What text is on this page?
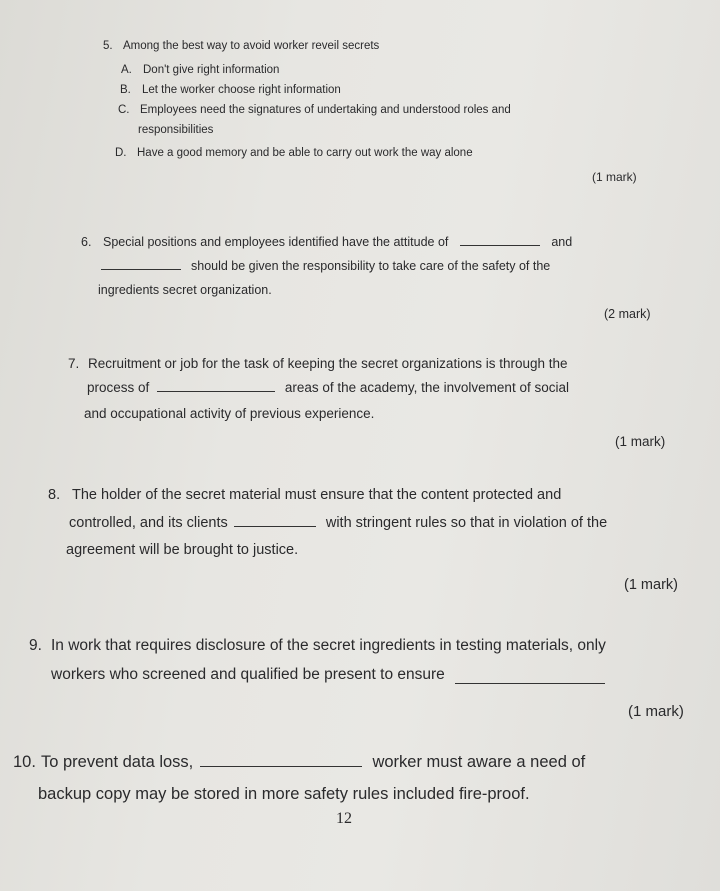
5. Among the best way to avoid worker reveil secrets
A. Don't give right information
B. Let the worker choose right information
C. Employees need the signatures of undertaking and understood roles and
responsibilities
D. Have a good memory and be able to carry out work the way alone
(1 mark)
6. Special positions and employees identified have the attitude of	and
should be given the responsibility to take care of the safety of the
ingredients secret organization.
(2 mark)
7. Recruitment or job for the task of keeping the secret organizations is through the
process of	areas of the academy, the involvement of social
and occupational activity of previous experience.
(1 mark)
8. The holder of the secret material must ensure that the content protected and
controlled, and its clients	with stringent rules so that in violation of the
agreement will be brought to justice.
(1 mark)
9. In work that requires disclosure of the secret ingredients in testing materials, only
workers who screened and qualified be present to ensure
(1 mark)
10. To prevent data loss,	worker must aware a need of
backup copy may be stored in more safety rules included fire-proof.
12
